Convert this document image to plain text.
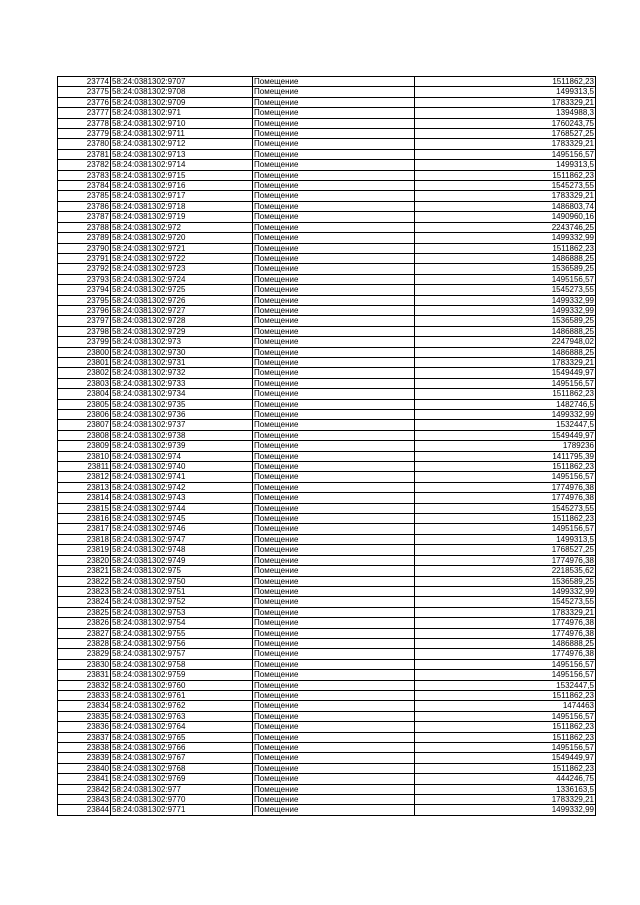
23774	58:24:0381302:9707	Помещение	1511862,23
23775	58:24:0381302:9708	Помещение	1499313,5
23776	58:24:0381302:9709	Помещение	1783329,21
23777	58:24:0381302:971	Помещение	1394988,3
23778	58:24:0381302:9710	Помещение	1760243,75
23779	58:24:0381302:9711	Помещение	1768527,25
23780	58:24:0381302:9712	Помещение	1783329,21
23781	58:24:0381302:9713	Помещение	1495156,57
23782	58:24:0381302:9714	Помещение	1499313,5
23783	58:24:0381302:9715	Помещение	1511862,23
23784	58:24:0381302:9716	Помещение	1545273,55
23785	58:24:0381302:9717	Помещение	1783329,21
23786	58:24:0381302:9718	Помещение	1486803,74
23787	58:24:0381302:9719	Помещение	1490960,16
23788	58:24:0381302:972	Помещение	2243746,25
23789	58:24:0381302:9720	Помещение	1499332,99
23790	58:24:0381302:9721	Помещение	1511862,23
23791	58:24:0381302:9722	Помещение	1486888,25
23792	58:24:0381302:9723	Помещение	1536589,25
23793	58:24:0381302:9724	Помещение	1495156,57
23794	58:24:0381302:9725	Помещение	1545273,55
23795	58:24:0381302:9726	Помещение	1499332,99
23796	58:24:0381302:9727	Помещение	1499332,99
23797	58:24:0381302:9728	Помещение	1536589,25
23798	58:24:0381302:9729	Помещение	1486888,25
23799	58:24:0381302:973	Помещение	2247948,02
23800	58:24:0381302:9730	Помещение	1486888,25
23801	58:24:0381302:9731	Помещение	1783329,21
23802	58:24:0381302:9732	Помещение	1549449,97
23803	58:24:0381302:9733	Помещение	1495156,57
23804	58:24:0381302:9734	Помещение	1511862,23
23805	58:24:0381302:9735	Помещение	1482746,5
23806	58:24:0381302:9736	Помещение	1499332,99
23807	58:24:0381302:9737	Помещение	1532447,5
23808	58:24:0381302:9738	Помещение	1549449,97
23809	58:24:0381302:9739	Помещение	1789236
23810	58:24:0381302:974	Помещение	1411795,39
23811	58:24:0381302:9740	Помещение	1511862,23
23812	58:24:0381302:9741	Помещение	1495156,57
23813	58:24:0381302:9742	Помещение	1774976,38
23814	58:24:0381302:9743	Помещение	1774976,38
23815	58:24:0381302:9744	Помещение	1545273,55
23816	58:24:0381302:9745	Помещение	1511862,23
23817	58:24:0381302:9746	Помещение	1495156,57
23818	58:24:0381302:9747	Помещение	1499313,5
23819	58:24:0381302:9748	Помещение	1768527,25
23820	58:24:0381302:9749	Помещение	1774976,38
23821	58:24:0381302:975	Помещение	2218535,62
23822	58:24:0381302:9750	Помещение	1536589,25
23823	58:24:0381302:9751	Помещение	1499332,99
23824	58:24:0381302:9752	Помещение	1545273,55
23825	58:24:0381302:9753	Помещение	1783329,21
23826	58:24:0381302:9754	Помещение	1774976,38
23827	58:24:0381302:9755	Помещение	1774976,38
23828	58:24:0381302:9756	Помещение	1486888,25
23829	58:24:0381302:9757	Помещение	1774976,38
23830	58:24:0381302:9758	Помещение	1495156,57
23831	58:24:0381302:9759	Помещение	1495156,57
23832	58:24:0381302:9760	Помещение	1532447,5
23833	58:24:0381302:9761	Помещение	1511862,23
23834	58:24:0381302:9762	Помещение	1474463
23835	58:24:0381302:9763	Помещение	1495156,57
23836	58:24:0381302:9764	Помещение	1511862,23
23837	58:24:0381302:9765	Помещение	1511862,23
23838	58:24:0381302:9766	Помещение	1495156,57
23839	58:24:0381302:9767	Помещение	1549449,97
23840	58:24:0381302:9768	Помещение	1511862,23
23841	58:24:0381302:9769	Помещение	444246,75
23842	58:24:0381302:977	Помещение	1336163,5
23843	58:24:0381302:9770	Помещение	1783329,21
23844	58:24:0381302:9771	Помещение	1499332,99
